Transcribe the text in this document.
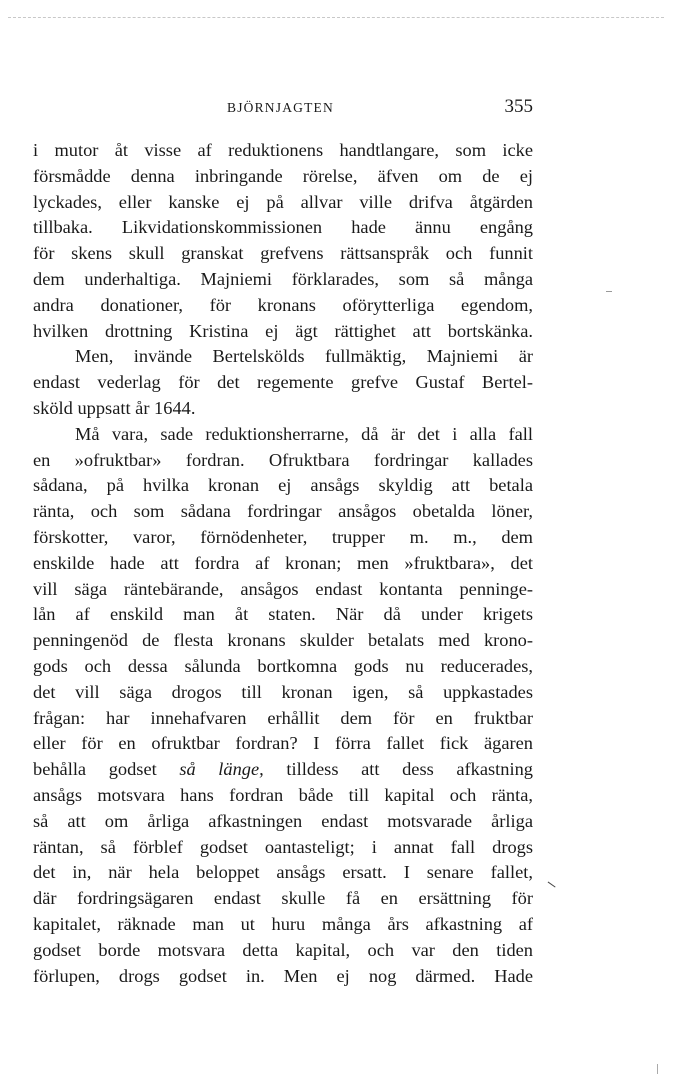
BJÖRNJAGTEN	355
i mutor åt visse af reduktionens handtlangare, som icke
försmådde denna inbringande rörelse, äfven om de ej
lyckades, eller kanske ej på allvar ville drifva åtgärden
tillbaka. Likvidationskommissionen hade ännu engång
för skens skull granskat grefvens rättsanspråk och funnit
dem underhaltiga. Majniemi förklarades, som så många
andra donationer, för kronans oförytterliga egendom,
hvilken drottning Kristina ej ägt rättighet att bortskänka.
Men, invände Bertelskölds fullmäktig, Majniemi är
endast vederlag för det regemente grefve Gustaf Bertel-
sköld uppsatt år 1644.
Må vara, sade reduktionsherrarne, då är det i alla fall
en »ofruktbar» fordran. Ofruktbara fordringar kallades
sådana, på hvilka kronan ej ansågs skyldig att betala
ränta, och som sådana fordringar ansågos obetalda löner,
förskotter, varor, förnödenheter, trupper m. m., dem
enskilde hade att fordra af kronan; men »fruktbara», det
vill säga räntebärande, ansågos endast kontanta penninge-
lån af enskild man åt staten. När då under krigets
penningenöd de flesta kronans skulder betalats med krono-
gods och dessa sålunda bortkomna gods nu reducerades,
det vill säga drogos till kronan igen, så uppkastades
frågan: har innehafvaren erhållit dem för en fruktbar
eller för en ofruktbar fordran? I förra fallet fick ägaren
behålla godset så länge, tilldess att dess afkastning
ansågs motsvara hans fordran både till kapital och ränta,
så att om årliga afkastningen endast motsvarade årliga
räntan, så förblef godset oantasteligt; i annat fall drogs
det in, när hela beloppet ansågs ersatt. I senare fallet,
där fordringsägaren endast skulle få en ersättning för
kapitalet, räknade man ut huru många års afkastning af
godset borde motsvara detta kapital, och var den tiden
förlupen, drogs godset in. Men ej nog därmed. Hade
